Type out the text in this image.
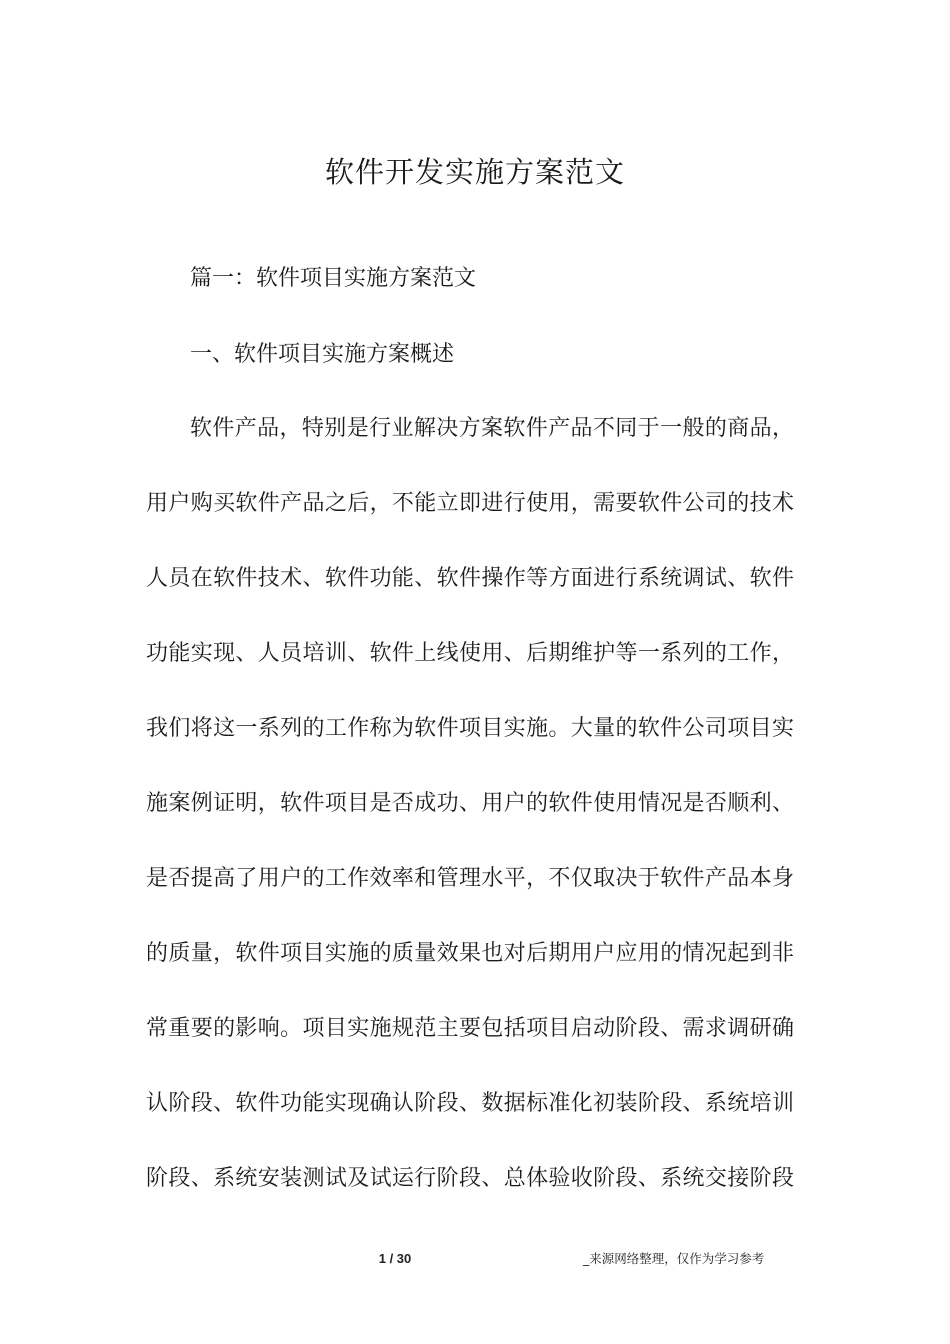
软件开发实施方案范文
篇一：软件项目实施方案范文
一、软件项目实施方案概述
软件产品，特别是行业解决方案软件产品不同于一般的商品，
用户购买软件产品之后，不能立即进行使用，需要软件公司的技术
人员在软件技术、软件功能、软件操作等方面进行系统调试、软件
功能实现、人员培训、软件上线使用、后期维护等一系列的工作，
我们将这一系列的工作称为软件项目实施。大量的软件公司项目实
施案例证明，软件项目是否成功、用户的软件使用情况是否顺利、
是否提高了用户的工作效率和管理水平，不仅取决于软件产品本身
的质量，软件项目实施的质量效果也对后期用户应用的情况起到非
常重要的影响。项目实施规范主要包括项目启动阶段、需求调研确
认阶段、软件功能实现确认阶段、数据标准化初装阶段、系统培训
阶段、系统安装测试及试运行阶段、总体验收阶段、系统交接阶段
1 / 30	_来源网络整理，仅作为学习参考
